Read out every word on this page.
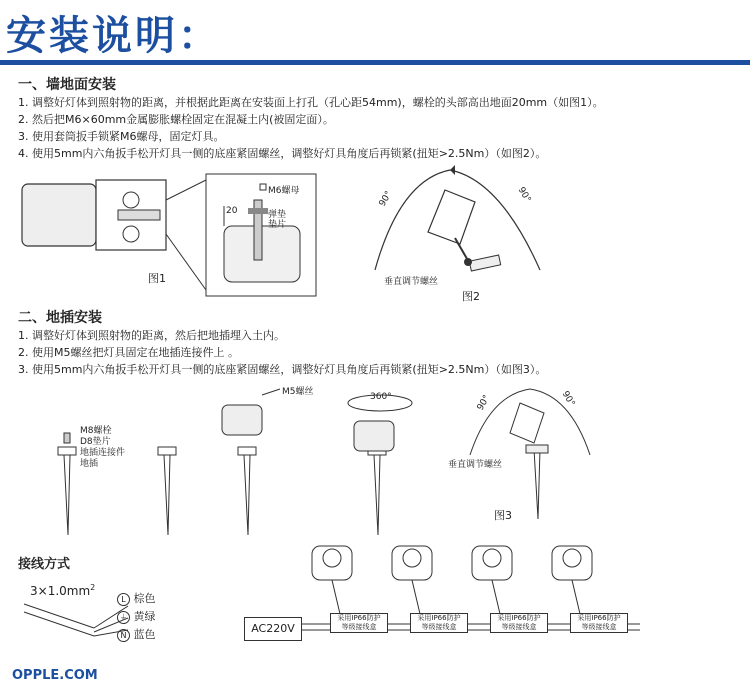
安装说明：
一、墙地面安装
1. 调整好灯体到照射物的距离，并根据此距离在安装面上打孔（孔心距54mm)，螺栓的头部高出地面20mm（如图1）。
2. 然后把M6×60mm金属膨胀螺栓固定在混凝土内(被固定面）。
3. 使用套筒扳手锁紧M6螺母，固定灯具。
4. 使用5mm内六角扳手松开灯具一侧的底座紧固螺丝，调整好灯具角度后再锁紧(扭矩>2.5Nm）（如图2）。
20
M6螺母
弹垫
垫片
图1
90°	90°
垂直调节螺丝
图2
二、地插安装
1. 调整好灯体到照射物的距离，然后把地插埋入土内。
2. 使用M5螺丝把灯具固定在地插连接件上 。
3. 使用5mm内六角扳手松开灯具一侧的底座紧固螺丝，调整好灯具角度后再锁紧(扭矩>2.5Nm）（如图3）。
M8螺栓
D8垫片
地插连接件
地插
M5螺丝	360°	90°	90°
垂直调节螺丝
图3
接线方式
$3\times 1.0mm^2$
L 棕色
⏚ 黄绿
N 蓝色	AC220V
采用IP66防护
等级接线盒
采用IP66防护
等级接线盒
采用IP66防护
等级接线盒
采用IP66防护
等级接线盒
OPPLE.COM
